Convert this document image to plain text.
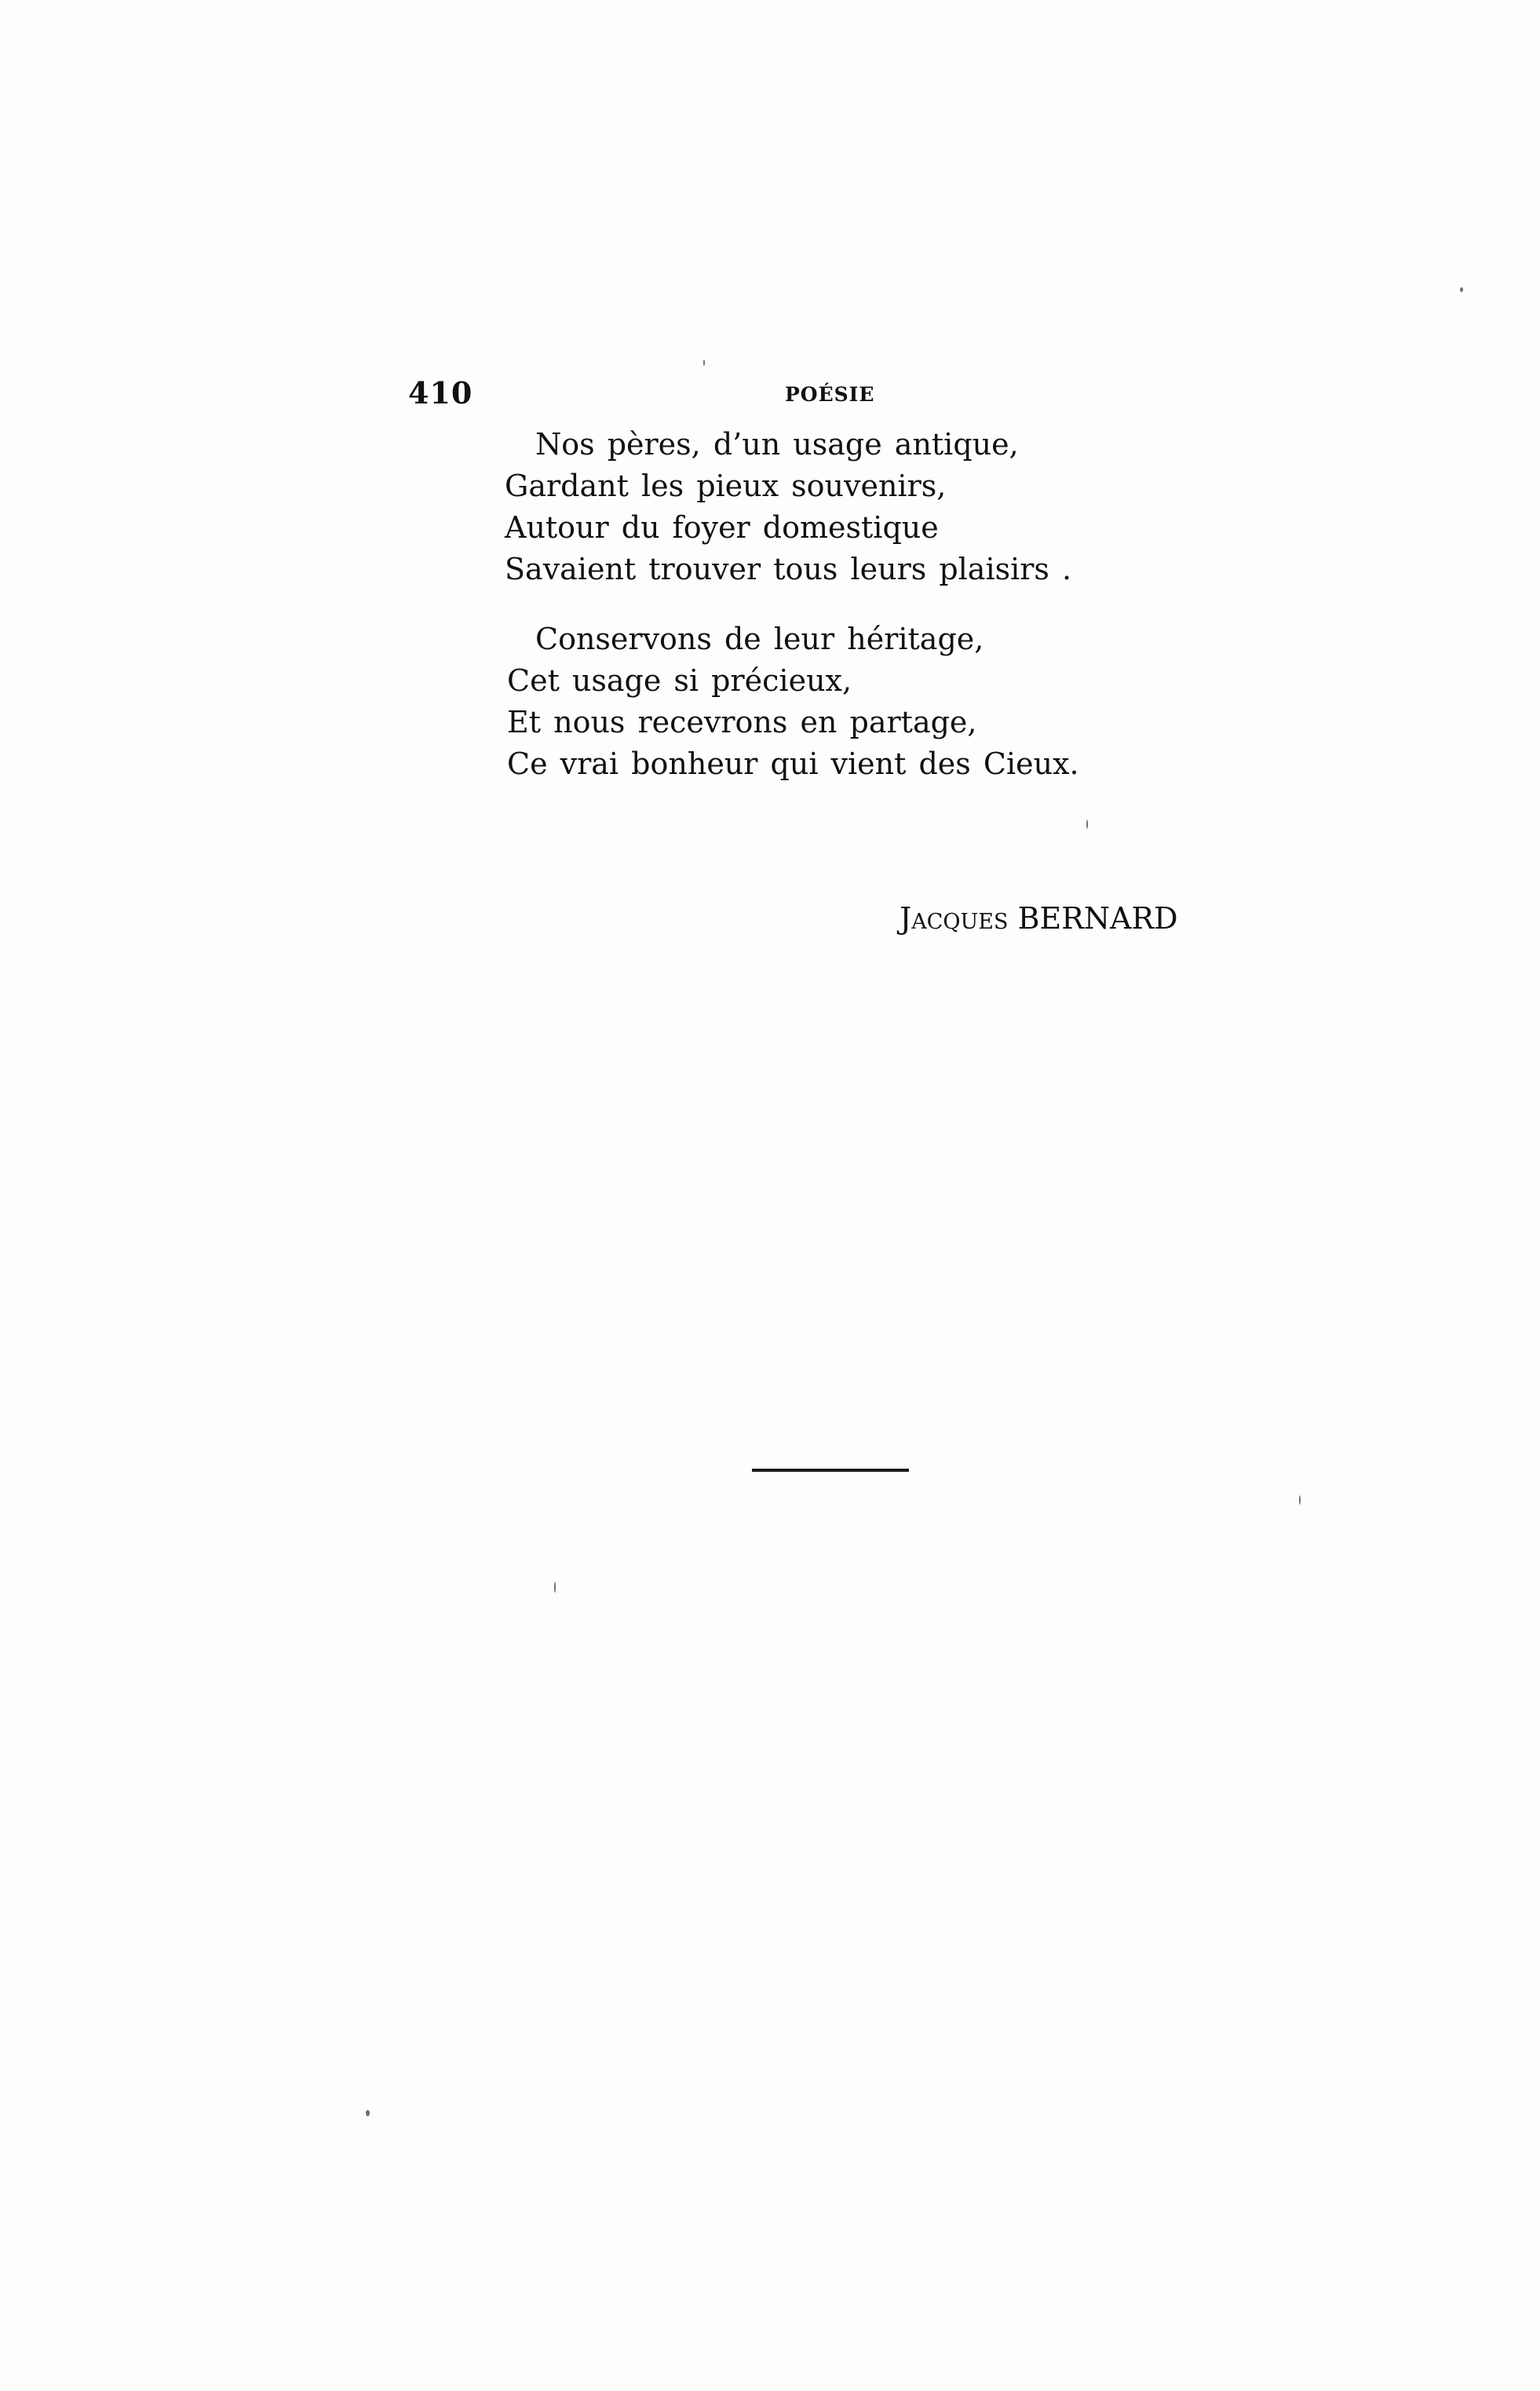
410	POÉSIE
Nos pères, d’un usage antique,
Gardant les pieux souvenirs,
Autour du foyer domestique
Savaient trouver tous leurs plaisirs .
Conservons de leur héritage,
Cet usage si précieux,
Et nous recevrons en partage,
Ce vrai bonheur qui vient des Cieux.
Jacques BERNARD
